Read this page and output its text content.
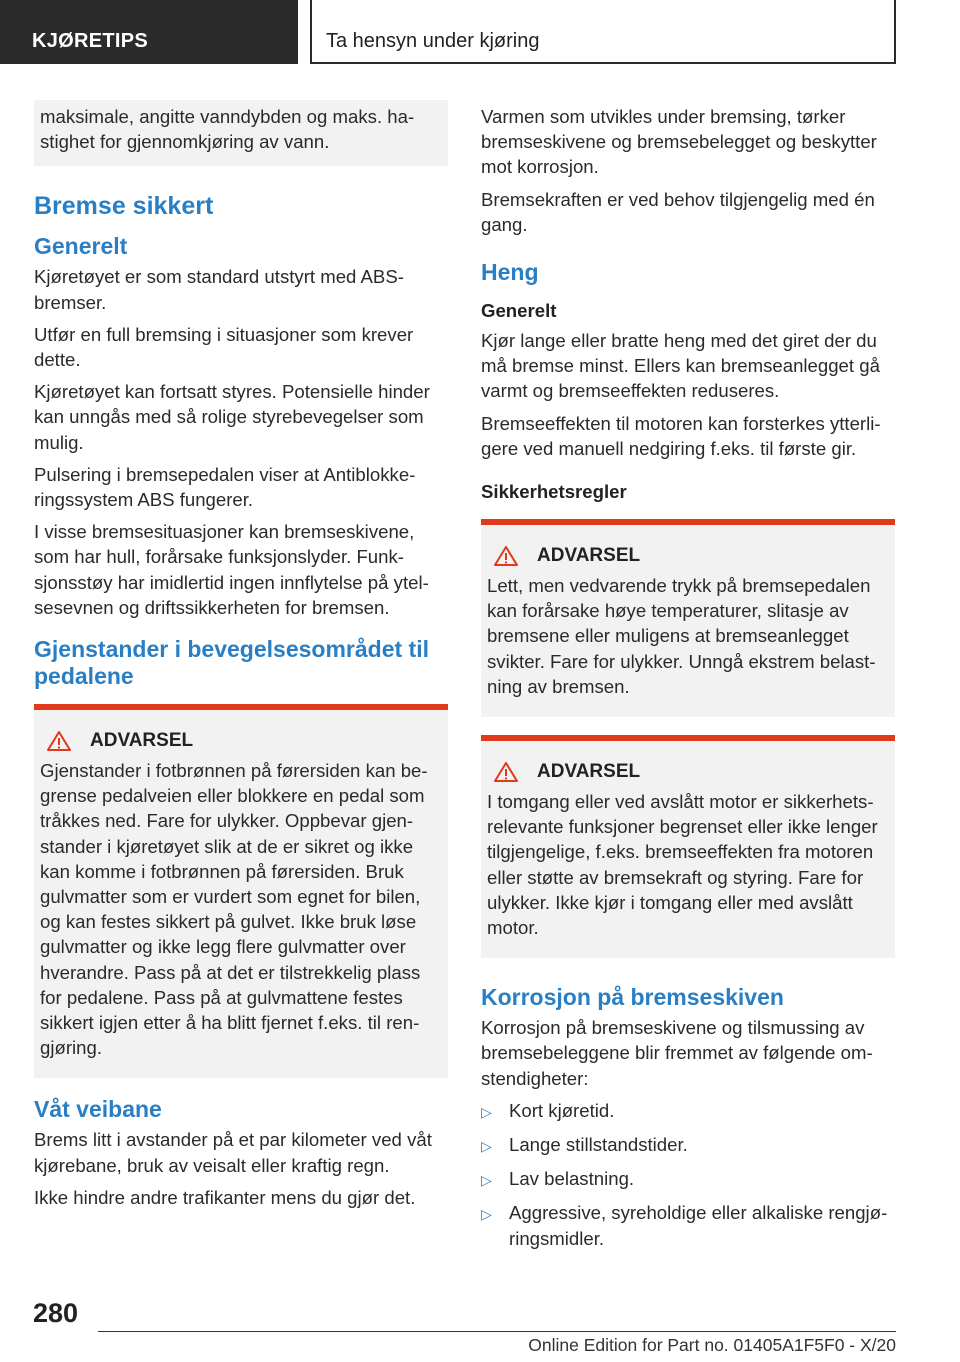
KJØRETIPS	Ta hensyn under kjøring

maksimale, angitte vanndybden og maks. hastighet for gjennomkjøring av vann.

Bremse sikkert
Generelt

Kjøretøyet er som standard utstyrt med ABS-bremser.

Utfør en full bremsing i situasjoner som krever dette.

Kjøretøyet kan fortsatt styres. Potensielle hinder kan unngås med så rolige styrebevegelser som mulig.

Pulsering i bremsepedalen viser at Antiblokkeringssystem ABS fungerer.

I visse bremsesituasjoner kan bremseskivene, som har hull, forårsake funksjonslyder. Funksjonsstøy har imidlertid ingen innflytelse på ytelsesevnen og driftssikkerheten for bremsen.

Gjenstander i bevegelsesområdet til pedalene
ADVARSEL

Gjenstander i fotbrønnen på førersiden kan begrense pedalveien eller blokkere en pedal som tråkkes ned. Fare for ulykker. Oppbevar gjenstander i kjøretøyet slik at de er sikret og ikke kan komme i fotbrønnen på førersiden. Bruk gulvmatter som er vurdert som egnet for bilen, og kan festes sikkert på gulvet. Ikke bruk løse gulvmatter og ikke legg flere gulvmatter over hverandre. Pass på at det er tilstrekkelig plass for pedalene. Pass på at gulvmattene festes sikkert igjen etter å ha blitt fjernet f.eks. til rengjøring.

Våt veibane

Brems litt i avstander på et par kilometer ved våt kjørebane, bruk av veisalt eller kraftig regn.

Ikke hindre andre trafikanter mens du gjør det.

Varmen som utvikles under bremsing, tørker bremseskivene og bremsebelegget og beskytter mot korrosjon.

Bremsekraften er ved behov tilgjengelig med én gang.

Heng
Generelt

Kjør lange eller bratte heng med det giret der du må bremse minst. Ellers kan bremseanlegget gå varmt og bremseeffekten reduseres.

Bremseeffekten til motoren kan forsterkes ytterligere ved manuell nedgiring f.eks. til første gir.

Sikkerhetsregler
ADVARSEL

Lett, men vedvarende trykk på bremsepedalen kan forårsake høye temperaturer, slitasje av bremsene eller muligens at bremseanlegget svikter. Fare for ulykker. Unngå ekstrem belastning av bremsen.

ADVARSEL

I tomgang eller ved avslått motor er sikkerhetsrelevante funksjoner begrenset eller ikke lenger tilgjengelige, f.eks. bremseeffekten fra motoren eller støtte av bremsekraft og styring. Fare for ulykker. Ikke kjør i tomgang eller med avslått motor.

Korrosjon på bremseskiven

Korrosjon på bremseskivene og tilsmussing av bremsebeleggene blir fremmet av følgende omstendigheter:

▷ Kort kjøretid.
▷ Lange stillstandstider.
▷ Lav belastning.
▷ Aggressive, syreholdige eller alkaliske rengjøringsmidler.
280
Online Edition for Part no. 01405A1F5F0 - X/20
